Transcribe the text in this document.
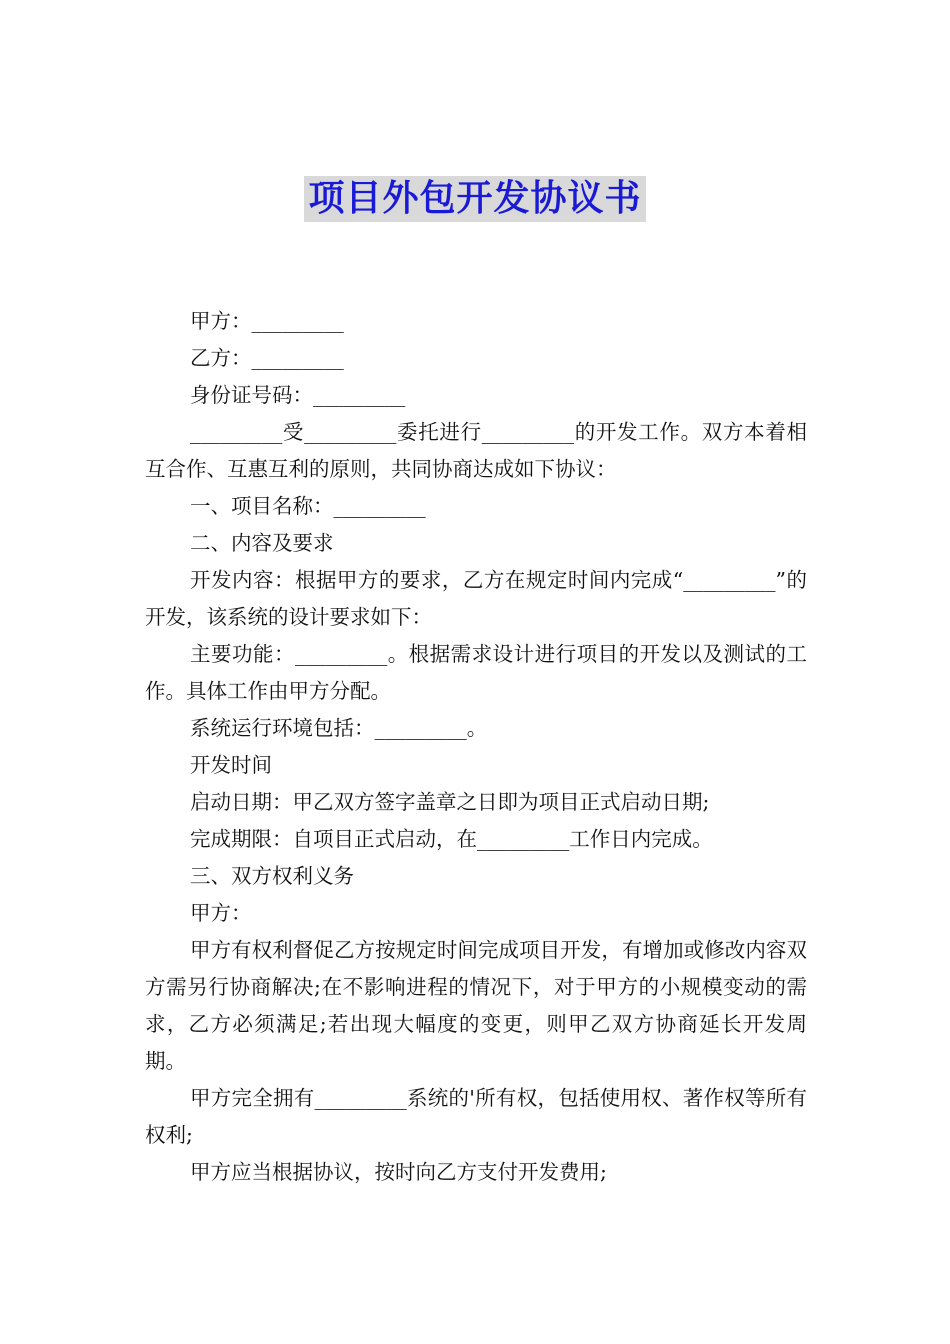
项目外包开发协议书

甲方：_________

乙方：_________

身份证号码：_________

_________受_________委托进行_________的开发工作。双方本着相互合作、互惠互利的原则，共同协商达成如下协议：

一、项目名称：_________

二、内容及要求

开发内容：根据甲方的要求，乙方在规定时间内完成“_________”的开发，该系统的设计要求如下：

主要功能：_________。根据需求设计进行项目的开发以及测试的工作。具体工作由甲方分配。

系统运行环境包括：_________。

开发时间

启动日期：甲乙双方签字盖章之日即为项目正式启动日期;

完成期限：自项目正式启动，在_________工作日内完成。

三、双方权利义务

甲方：

甲方有权利督促乙方按规定时间完成项目开发，有增加或修改内容双方需另行协商解决;在不影响进程的情况下，对于甲方的小规模变动的需求，乙方必须满足;若出现大幅度的变更，则甲乙双方协商延长开发周期。

甲方完全拥有_________系统的'所有权，包括使用权、著作权等所有权利;

甲方应当根据协议，按时向乙方支付开发费用;
